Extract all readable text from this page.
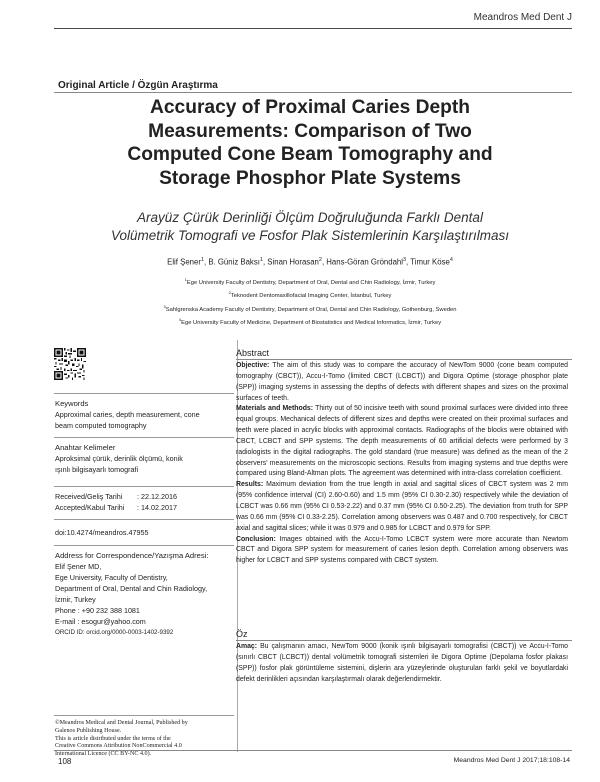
Meandros Med Dent J
Original Article / Özgün Araştırma
Accuracy of Proximal Caries Depth
Measurements: Comparison of Two
Computed Cone Beam Tomography and
Storage Phosphor Plate Systems
Arayüz Çürük Derinliği Ölçüm Doğruluğunda Farklı Dental
Volümetrik Tomografi ve Fosfor Plak Sistemlerinin Karşılaştırılması
Elif Şener$^1$, B. Güniz Baksı$^1$, Sinan Horasan$^2$, Hans-Göran Gröndahl$^3$, Timur Köse$^4$
$^1$Ege University Faculty of Dentistry, Department of Oral, Dental and Chin Radiology, İzmir, Turkey
$^2$Teknodent Dentomaxillofacial Imaging Center, İstanbul, Turkey
$^3$Sahlgrenska Academy Faculty of Dentistry, Department of Oral, Dental and Chin Radiology, Gothenburg, Sweden
$^4$Ege University Faculty of Medicine, Department of Biostatistics and Medical Informatics, İzmir, Turkey
Keywords
Approximal caries, depth measurement, cone
beam computed tomography
Anahtar Kelimeler
Aproksimal çürük, derinlik ölçümü, konik
ışınlı bilgisayarlı tomografi
Received/Geliş Tarihi : 22.12.2016
Accepted/Kabul Tarihi : 14.02.2017
doi:10.4274/meandros.47955
Address for Correspondence/Yazışma Adresi:
Elif Şener MD,
Ege University, Faculty of Dentistry,
Department of Oral, Dental and Chin Radiology,
İzmir, Turkey
Phone : +90 232 388 1081
E-mail : esogur@yahoo.com
ORCID ID: orcid.org/0000-0003-1402-9392
©Meandros Medical and Dental Journal, Published by
Galenos Publishing House.
This is article distributed under the terms of the
Creative Commons Attribution NonCommercial 4.0
International Licence (CC BY-NC 4.0).
Abstract

Objective: The aim of this study was to compare the accuracy of NewTom 9000 (cone beam computed tomography (CBCT)), Accu-I-Tomo (limited CBCT (LCBCT)) and Digora Optime (storage phosphor plate (SPP)) imaging systems in assessing the depths of defects with different shapes and sizes on the proximal surfaces of teeth.

Materials and Methods: Thirty out of 50 incisive teeth with sound proximal surfaces were divided into three equal groups. Mechanical defects of different sizes and depths were created on their proximal surfaces and teeth were placed in acrylic blocks with approximal contacts. Radiographs of the blocks were obtained with CBCT, LCBCT and SPP systems. The depth measurements of 60 artificial defects were performed by 3 radiologists in the digital radiographs. The gold standard (true measure) was defined as the mean of the 2 observers' measurements on the microscopic sections. Results from imaging systems and true depths were compared using Bland-Altman plots. The agreement was determined with intra-class correlation coefficient.

Results: Maximum deviation from the true length in axial and sagittal slices of CBCT system was 2 mm (95% confidence interval (CI) 2.60-0.60) and 1.5 mm (95% CI 0.30-2.30) respectively while the deviation of LCBCT was 0.66 mm (95% CI 0.53-2.22) and 0.37 mm (95% CI 0.50-2.25). The deviation from truth for SPP was 0.66 mm (95% CI 0.33-2.25). Correlation among observers was 0.487 and 0.700 respectively, for CBCT axial and sagittal slices; while it was 0.979 and 0.985 for LCBCT and 0.979 for SPP.

Conclusion: Images obtained with the Accu-I-Tomo LCBCT system were more accurate than Newtom CBCT and Digora SPP system for measurement of caries lesion depth. Correlation among observers was higher for LCBCT and SPP systems compared with CBCT system.

Öz

Amaç: Bu çalışmanın amacı, NewTom 9000 (konik ışınlı bilgisayarlı tomografisi (CBCT)) ve Accu-I-Tomo (sınırlı CBCT (LCBCT)) dental volümetrik tomografi sistemleri ile Digora Optime (Depolama fosfor plakası (SPP)) fosfor plak görüntüleme sistemini, dişlerin ara yüzeylerinde oluşturulan farklı şekil ve boyutlardaki defekt derinlikleri açısından karşılaştırmalı olarak değerlendirmektir.

108	Meandros Med Dent J 2017;18:108-14
